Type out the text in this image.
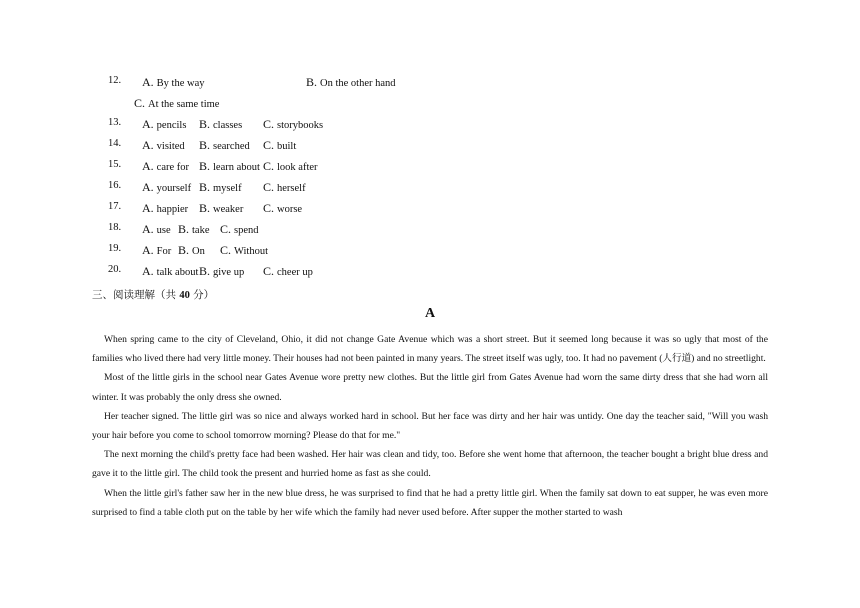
12.	A. By the way	B. On the other hand
C. At the same time
13.	A. pencils B. classes C. storybooks
14.	A. visited B. searched C. built
15.	A. care for B. learn about C. look after
16.	A. yourself B. myself C. herself
17.	A. happier B. weaker C. worse
18.	A. use B. take C. spend
19.	A. For B. On C. Without
20.	A. talk about B. give up C. cheer up
三、阅读理解（共 40 分）
A

When spring came to the city of Cleveland, Ohio, it did not change Gate Avenue which was a short street. But it seemed long because it was so ugly that most of the families who lived there had very little money. Their houses had not been painted in many years. The street itself was ugly, too. It had no pavement (人行道) and no streetlight.

Most of the little girls in the school near Gates Avenue wore pretty new clothes. But the little girl from Gates Avenue had worn the same dirty dress that she had worn all winter. It was probably the only dress she owned.

Her teacher signed. The little girl was so nice and always worked hard in school. But her face was dirty and her hair was untidy. One day the teacher said, "Will you wash your hair before you come to school tomorrow morning? Please do that for me."

The next morning the child's pretty face had been washed. Her hair was clean and tidy, too. Before she went home that afternoon, the teacher bought a bright blue dress and gave it to the little girl. The child took the present and hurried home as fast as she could.

When the little girl's father saw her in the new blue dress, he was surprised to find that he had a pretty little girl. When the family sat down to eat supper, he was even more surprised to find a table cloth put on the table by her wife which the family had never used before. After supper the mother started to wash
